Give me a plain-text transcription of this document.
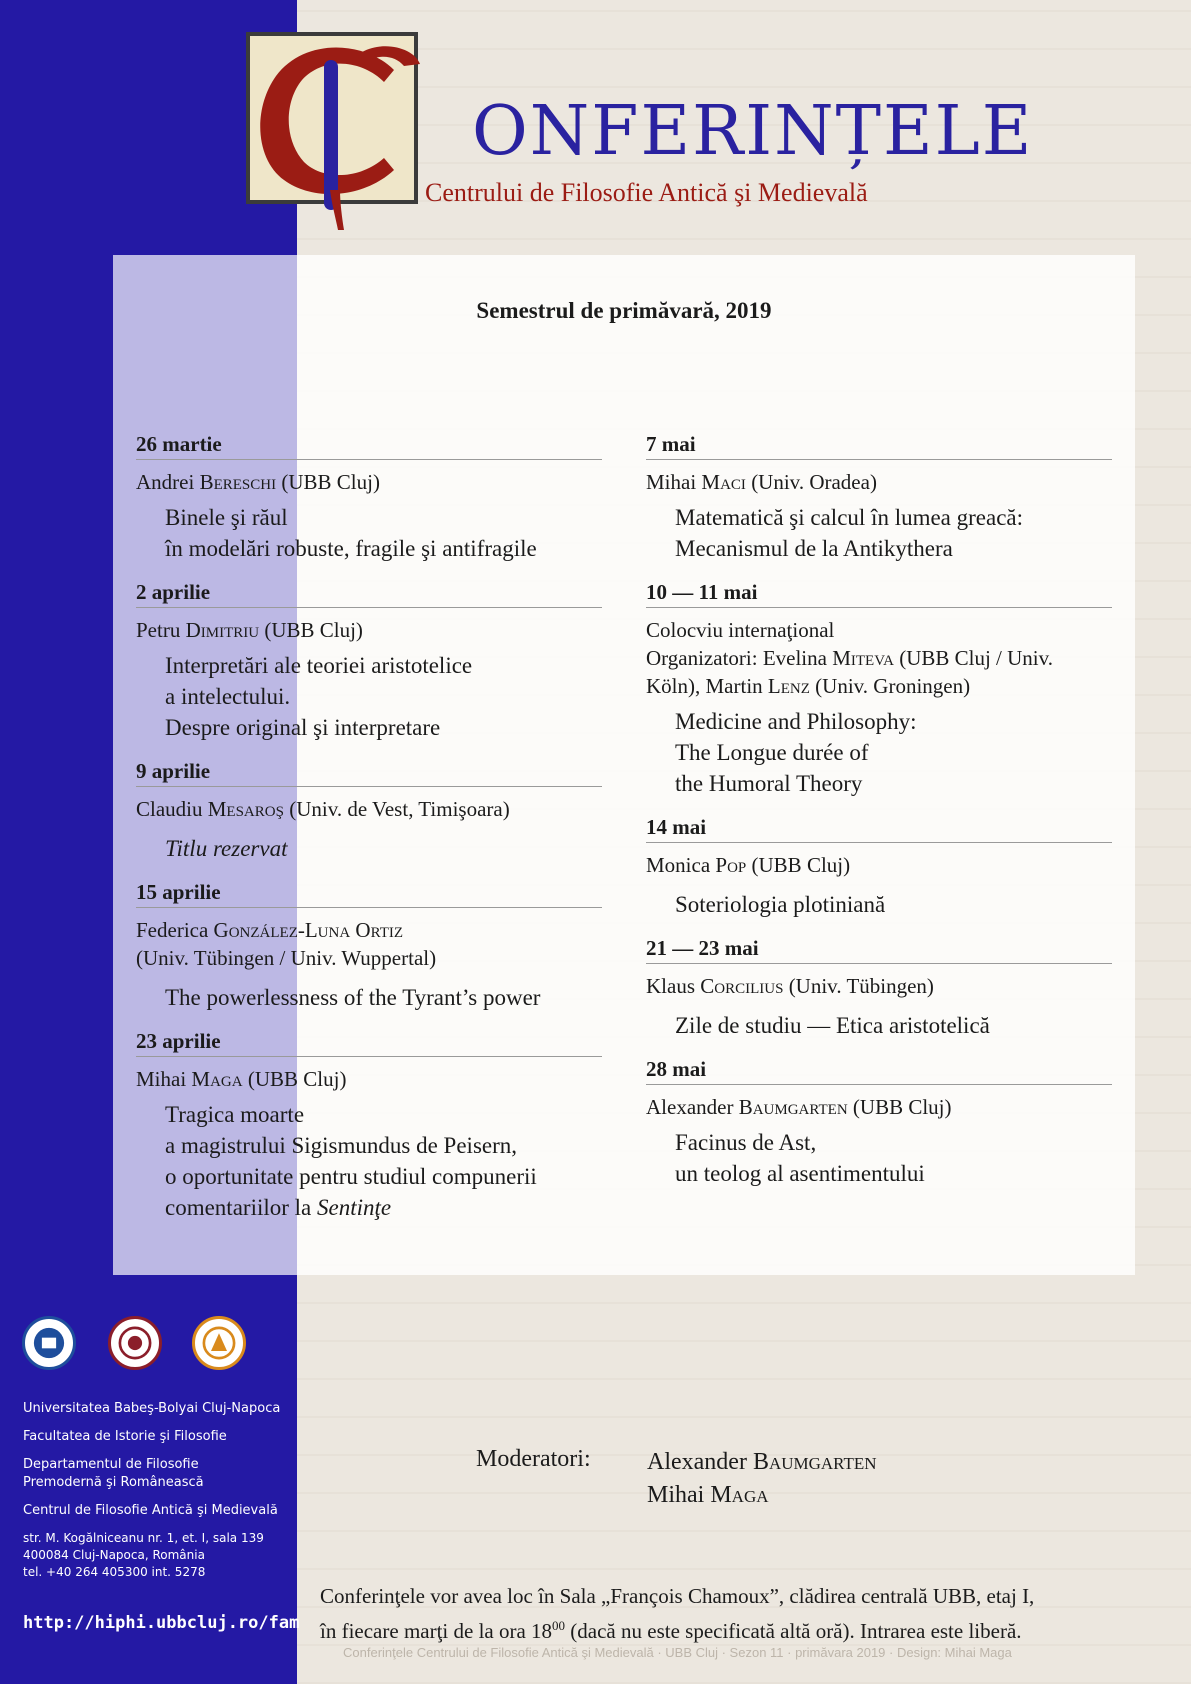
ONFERINȚELE
Centrului de Filosofie Antică şi Medievală
Semestrul de primăvară, 2019
26 martie
Andrei Bereschi (UBB Cluj)
Binele şi răul
în modelări robuste, fragile şi antifragile
2 aprilie
Petru Dimitriu (UBB Cluj)
Interpretări ale teoriei aristotelice
a intelectului.
Despre original şi interpretare
9 aprilie
Claudiu Mesaroş (Univ. de Vest, Timişoara)
Titlu rezervat
15 aprilie
Federica González-Luna Ortiz
(Univ. Tübingen / Univ. Wuppertal)
The powerlessness of the Tyrant’s power
23 aprilie
Mihai Maga (UBB Cluj)
Tragica moarte
a magistrului Sigismundus de Peisern,
o oportunitate pentru studiul compunerii
comentariilor la Sentinţe
7 mai
Mihai Maci (Univ. Oradea)
Matematică şi calcul în lumea greacă:
Mecanismul de la Antikythera
10 — 11 mai
Colocviu internaţional
Organizatori: Evelina Miteva (UBB Cluj / Univ. Köln), Martin Lenz (Univ. Groningen)
Medicine and Philosophy:
The Longue durée of
the Humoral Theory
14 mai
Monica Pop (UBB Cluj)
Soteriologia plotiniană
21 — 23 mai
Klaus Corcilius (Univ. Tübingen)
Zile de studiu — Etica aristotelică
28 mai
Alexander Baumgarten (UBB Cluj)
Facinus de Ast,
un teolog al asentimentului
Universitatea Babeş-Bolyai Cluj-Napoca
Facultatea de Istorie şi Filosofie
Departamentul de Filosofie
Premodernă şi Românească
Centrul de Filosofie Antică şi Medievală
str. M. Kogălniceanu nr. 1, et. I, sala 139
400084 Cluj-Napoca, România
tel. +40 264 405300 int. 5278
http://hiphi.ubbcluj.ro/fam
Moderatori: Alexander Baumgarten
Mihai Maga
Conferinţele vor avea loc în Sala „François Chamoux”, clădirea centrală UBB, etaj I,
în fiecare marţi de la ora $18^{00}$ (dacă nu este specificată altă oră). Intrarea este liberă.
Conferinţele Centrului de Filosofie Antică şi Medievală · UBB Cluj · Sezon 11 · primăvara 2019 · Design: Mihai Maga
